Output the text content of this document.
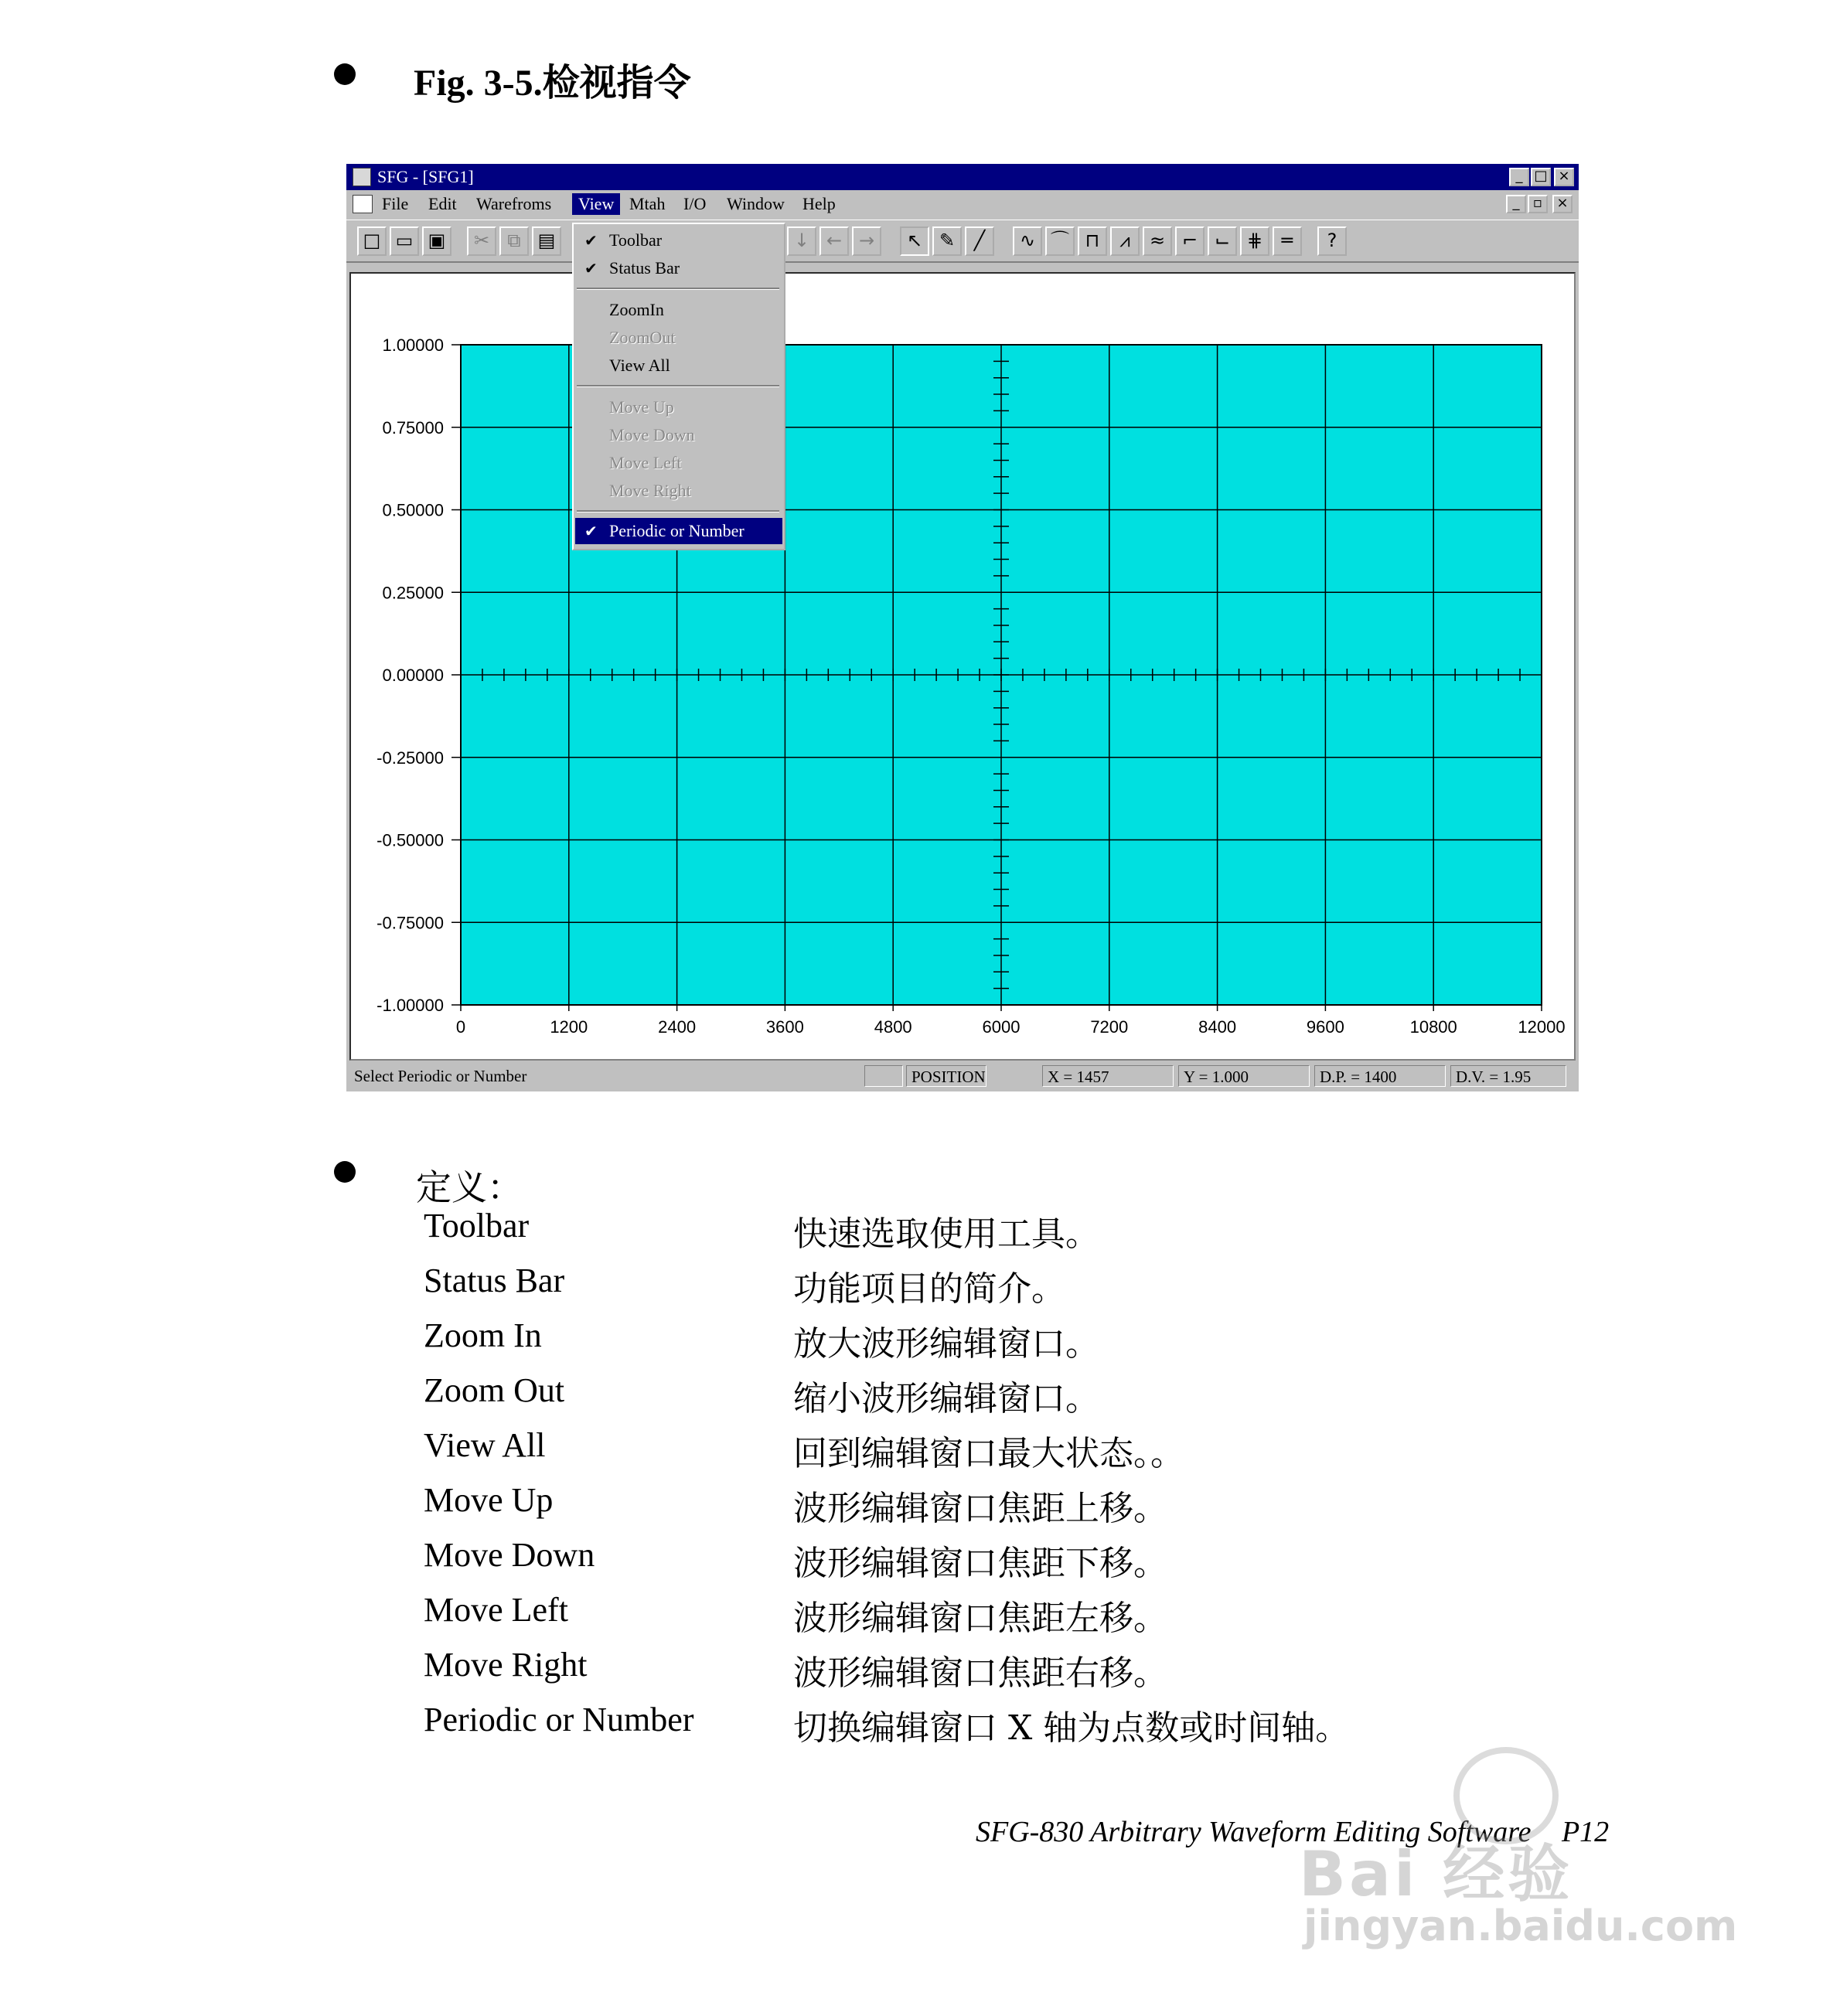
Fig. 3-5.检视指令
SFG - [SFG1]	_ □ ×
File	Edit	Warefroms	View Mtah	I/O	Window	Help	_ ▫	×
□ ▭ ▣	✂ ⧉ ▤	↓ ← →	↖ ✎	╱	∿ ⌒ ⊓	⩘	≈ ⌐ ⌙ ⋕	═	?
0	1200	2400	3600	4800	6000	7200	8400	9600	10800	12000
1.00000
0.75000
0.50000
0.25000
0.00000
-0.25000
-0.50000
-0.75000
-1.00000
Select Periodic or Number	POSITION	X = 1457	Y = 1.000	D.P. = 1400	D.V. = 1.95
✔ Toolbar
✔ Status Bar
ZoomIn
ZoomOut
View All
Move Up
Move Down
Move Left
Move Right
✔ Periodic or Number
定义：
Toolbar	快速选取使用工具。
Status Bar	功能项目的简介。
Zoom In	放大波形编辑窗口。
Zoom Out	缩小波形编辑窗口。
View All	回到编辑窗口最大状态。。
Move Up	波形编辑窗口焦距上移。
Move Down	波形编辑窗口焦距下移。
Move Left	波形编辑窗口焦距左移。
Move Right	波形编辑窗口焦距右移。
Periodic or Number	切换编辑窗口 X 轴为点数或时间轴。
SFG-830 Arbitrary Waveform Editing Software P12
Bai 经验
jingyan.baidu.com
